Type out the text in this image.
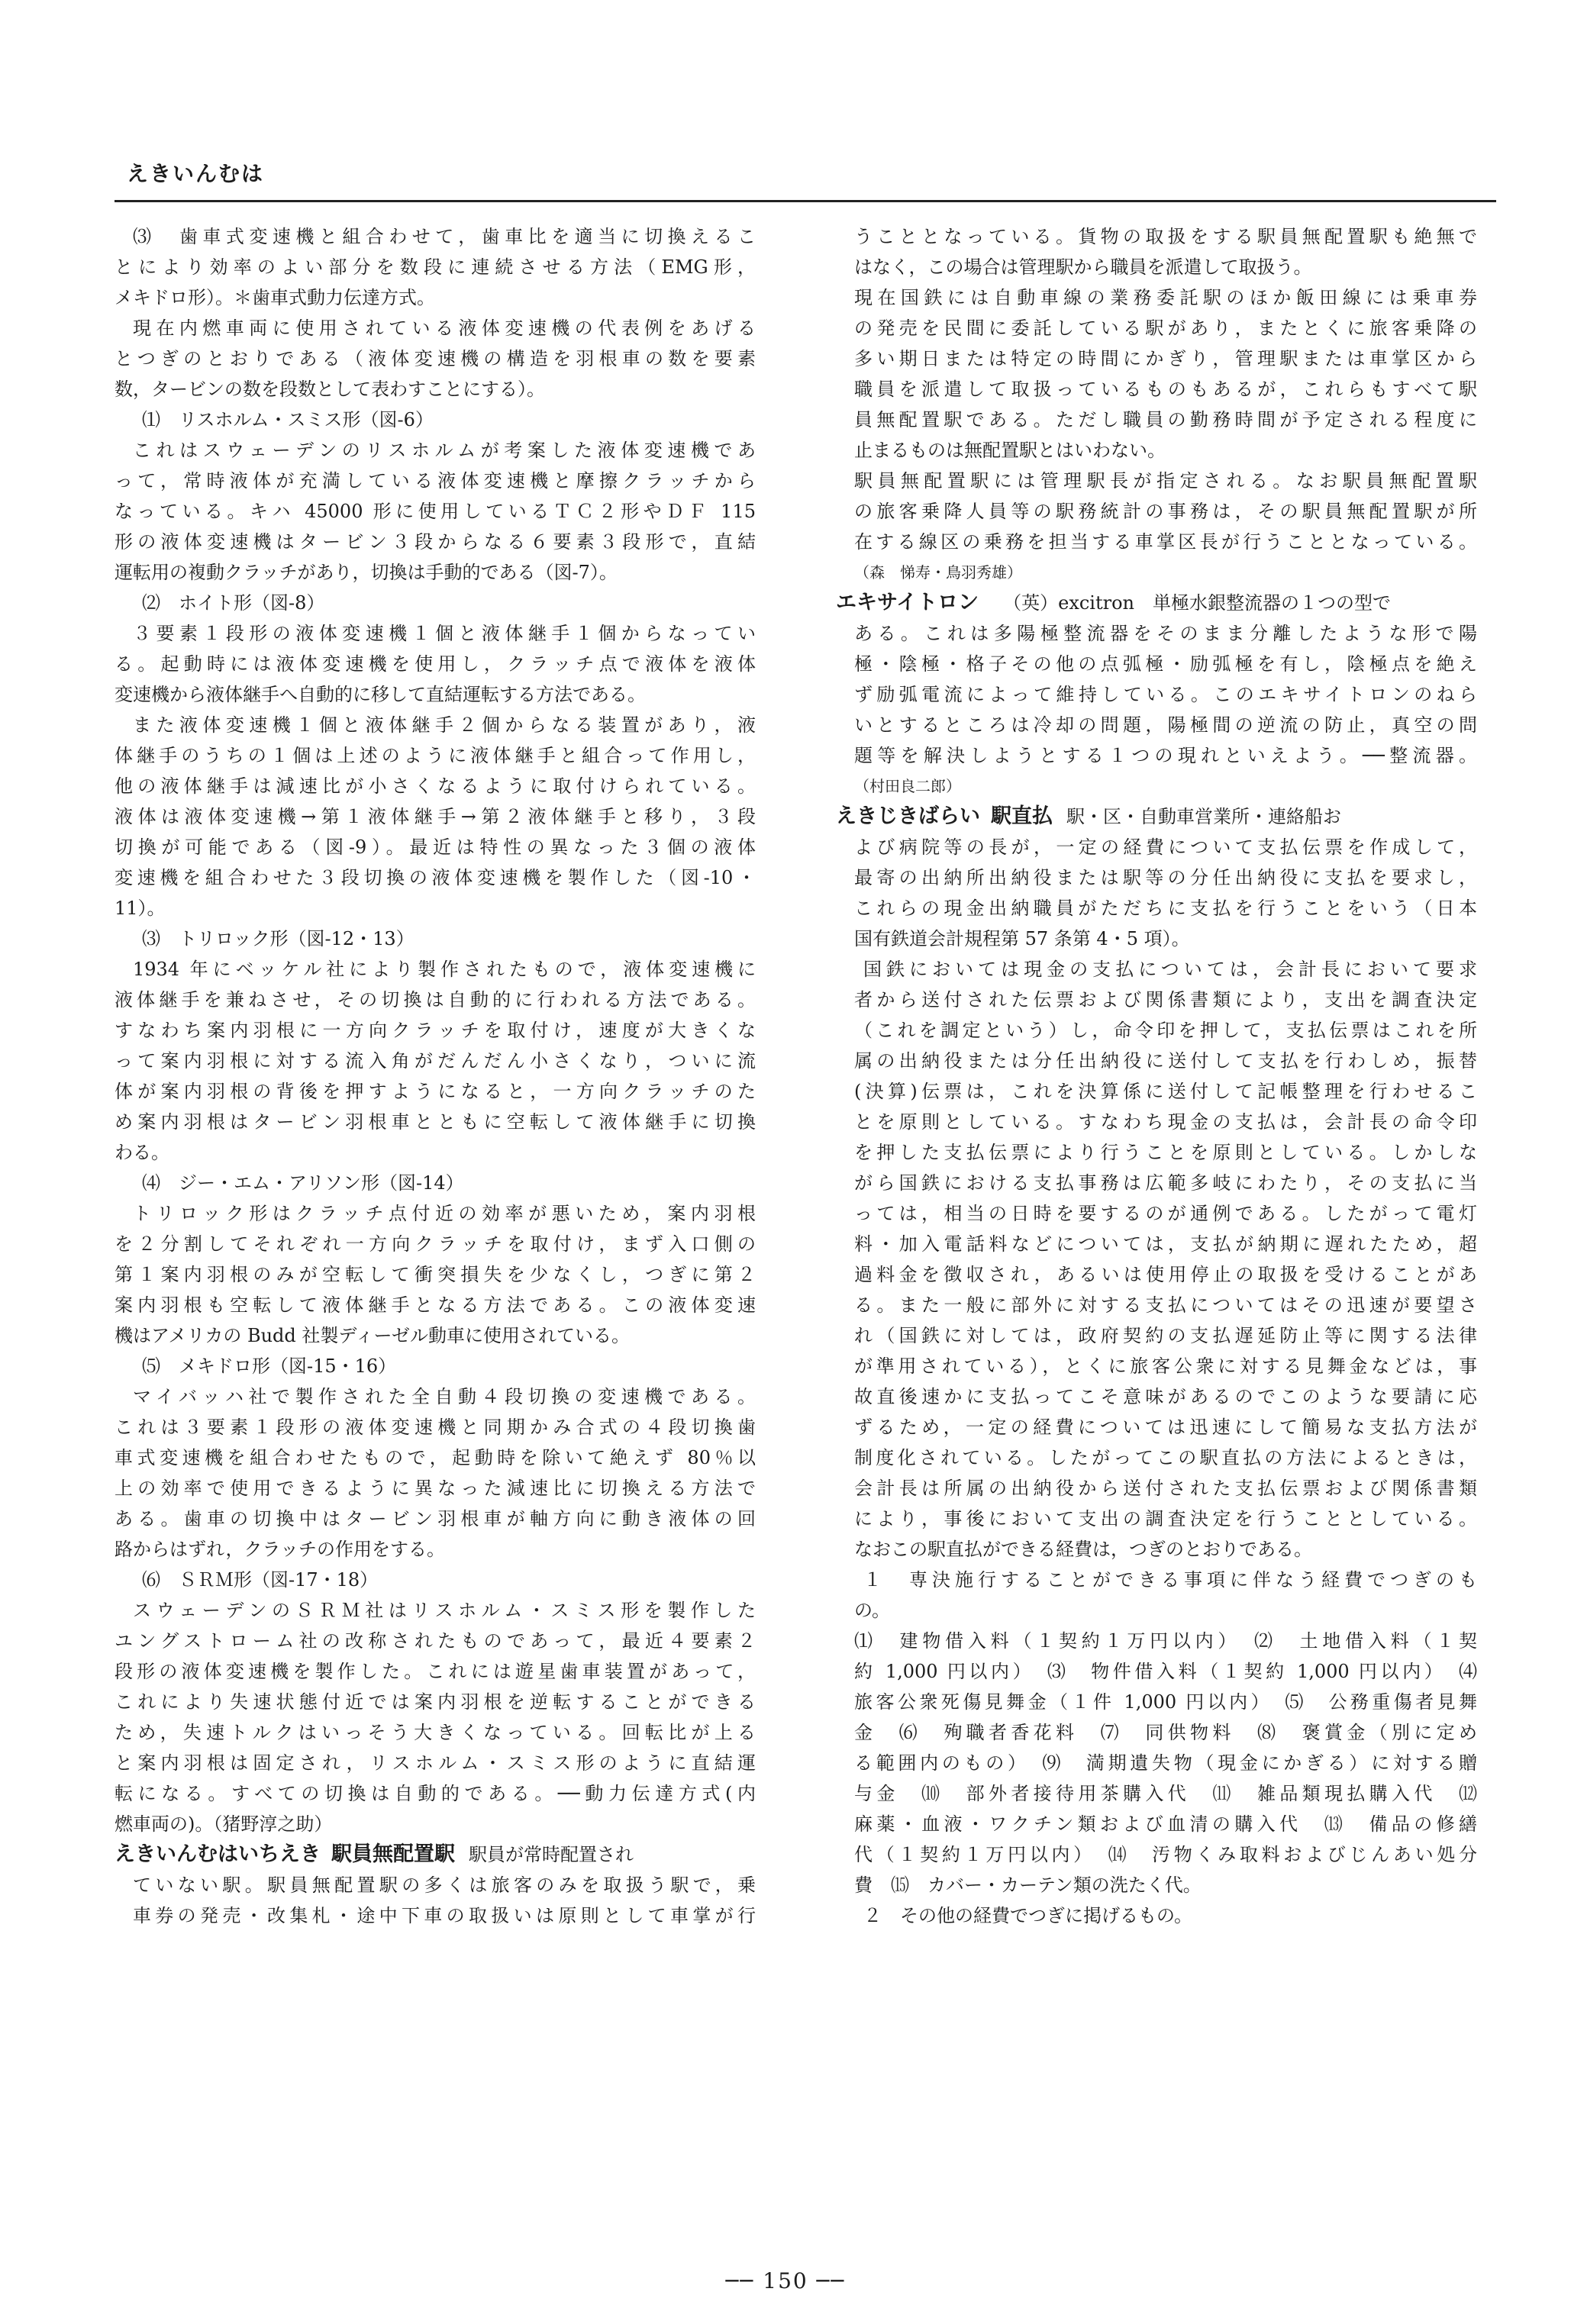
えきいんむは
⑶　歯車式変速機と組合わせて，歯車比を適当に切換えるこ
とにより効率のよい部分を数段に連続させる方法（EMG形，
メキドロ形）。＊歯車式動力伝達方式。
現在内燃車両に使用されている液体変速機の代表例をあげる
とつぎのとおりである（液体変速機の構造を羽根車の数を要素
数，タービンの数を段数として表わすことにする）。
⑴　リスホルム・スミス形（図-6）
これはスウェーデンのリスホルムが考案した液体変速機であ
って，常時液体が充満している液体変速機と摩擦クラッチから
なっている。キハ 45000 形に使用しているＴＣ２形やＤＦ 115
形の液体変速機はタービン３段からなる６要素３段形で，直結
運転用の複動クラッチがあり，切換は手動的である（図-7）。
⑵　ホイト形（図-8）
３要素１段形の液体変速機１個と液体継手１個からなってい
る。起動時には液体変速機を使用し，クラッチ点で液体を液体
変速機から液体継手へ自動的に移して直結運転する方法である。
また液体変速機１個と液体継手２個からなる装置があり，液
体継手のうちの１個は上述のように液体継手と組合って作用し，
他の液体継手は減速比が小さくなるように取付けられている。
液体は液体変速機→第１液体継手→第２液体継手と移り，３段
切換が可能である（図-9）。最近は特性の異なった３個の液体
変速機を組合わせた３段切換の液体変速機を製作した（図-10・
11）。
⑶　トリロック形（図-12・13）
1934 年にベッケル社により製作されたもので，液体変速機に
液体継手を兼ねさせ，その切換は自動的に行われる方法である。
すなわち案内羽根に一方向クラッチを取付け，速度が大きくな
って案内羽根に対する流入角がだんだん小さくなり，ついに流
体が案内羽根の背後を押すようになると，一方向クラッチのた
め案内羽根はタービン羽根車とともに空転して液体継手に切換
わる。
⑷　ジー・エム・アリソン形（図-14）
トリロック形はクラッチ点付近の効率が悪いため，案内羽根
を２分割してそれぞれ一方向クラッチを取付け，まず入口側の
第１案内羽根のみが空転して衝突損失を少なくし，つぎに第２
案内羽根も空転して液体継手となる方法である。この液体変速
機はアメリカの Budd 社製ディーゼル動車に使用されている。
⑸　メキドロ形（図-15・16）
マイバッハ社で製作された全自動４段切換の変速機である。
これは３要素１段形の液体変速機と同期かみ合式の４段切換歯
車式変速機を組合わせたもので，起動時を除いて絶えず 80％以
上の効率で使用できるように異なった減速比に切換える方法で
ある。歯車の切換中はタービン羽根車が軸方向に動き液体の回
路からはずれ，クラッチの作用をする。
⑹　ＳＲＭ形（図-17・18）
スウェーデンのＳＲＭ社はリスホルム・スミス形を製作した
ユングストローム社の改称されたものであって，最近４要素２
段形の液体変速機を製作した。これには遊星歯車装置があって，
これにより失速状態付近では案内羽根を逆転することができる
ため，失速トルクはいっそう大きくなっている。回転比が上る
と案内羽根は固定され，リスホルム・スミス形のように直結運
転になる。すべての切換は自動的である。──動力伝達方式(内
燃車両の)。（猪野淳之助）
えきいんむはいちえき 駅員無配置駅 駅員が常時配置され
ていない駅。駅員無配置駅の多くは旅客のみを取扱う駅で，乗
車券の発売・改集札・途中下車の取扱いは原則として車掌が行
うこととなっている。貨物の取扱をする駅員無配置駅も絶無で
はなく，この場合は管理駅から職員を派遣して取扱う。
現在国鉄には自動車線の業務委託駅のほか飯田線には乗車券
の発売を民間に委託している駅があり，またとくに旅客乗降の
多い期日または特定の時間にかぎり，管理駅または車掌区から
職員を派遣して取扱っているものもあるが，これらもすべて駅
員無配置駅である。ただし職員の勤務時間が予定される程度に
止まるものは無配置駅とはいわない。
駅員無配置駅には管理駅長が指定される。なお駅員無配置駅
の旅客乗降人員等の駅務統計の事務は，その駅員無配置駅が所
在する線区の乗務を担当する車掌区長が行うこととなっている。
（森　悌寿・鳥羽秀雄）
エキサイトロン （英）excitron　単極水銀整流器の１つの型で
ある。これは多陽極整流器をそのまま分離したような形で陽
極・陰極・格子その他の点弧極・励弧極を有し，陰極点を絶え
ず励弧電流によって維持している。このエキサイトロンのねら
いとするところは冷却の問題，陽極間の逆流の防止，真空の問
題等を解決しようとする１つの現れといえよう。──整流器。
（村田良二郎）
えきじきばらい 駅直払 駅・区・自動車営業所・連絡船お
よび病院等の長が，一定の経費について支払伝票を作成して，
最寄の出納所出納役または駅等の分任出納役に支払を要求し，
これらの現金出納職員がただちに支払を行うことをいう（日本
国有鉄道会計規程第 57 条第 4・5 項）。
国鉄においては現金の支払については，会計長において要求
者から送付された伝票および関係書類により，支出を調査決定
（これを調定という）し，命令印を押して，支払伝票はこれを所
属の出納役または分任出納役に送付して支払を行わしめ，振替
(決算)伝票は，これを決算係に送付して記帳整理を行わせるこ
とを原則としている。すなわち現金の支払は，会計長の命令印
を押した支払伝票により行うことを原則としている。しかしな
がら国鉄における支払事務は広範多岐にわたり，その支払に当
っては，相当の日時を要するのが通例である。したがって電灯
料・加入電話料などについては，支払が納期に遅れたため，超
過料金を徴収され，あるいは使用停止の取扱を受けることがあ
る。また一般に部外に対する支払についてはその迅速が要望さ
れ（国鉄に対しては，政府契約の支払遅延防止等に関する法律
が準用されている），とくに旅客公衆に対する見舞金などは，事
故直後速かに支払ってこそ意味があるのでこのような要請に応
ずるため，一定の経費については迅速にして簡易な支払方法が
制度化されている。したがってこの駅直払の方法によるときは，
会計長は所属の出納役から送付された支払伝票および関係書類
により，事後において支出の調査決定を行うこととしている。
なおこの駅直払ができる経費は，つぎのとおりである。
１　専決施行することができる事項に伴なう経費でつぎのも
の。
⑴　建物借入料（１契約１万円以内）　⑵　土地借入料（１契
約 1,000 円以内）　⑶　物件借入料（１契約 1,000 円以内）　⑷
旅客公衆死傷見舞金（１件 1,000 円以内）　⑸　公務重傷者見舞
金　⑹　殉職者香花料　⑺　同供物料　⑻　褒賞金（別に定め
る範囲内のもの）　⑼　満期遺失物（現金にかぎる）に対する贈
与金　⑽　部外者接待用茶購入代　⑾　雑品類現払購入代　⑿
麻薬・血液・ワクチン類および血清の購入代　⒀　備品の修繕
代（１契約１万円以内）　⒁　汚物くみ取料およびじんあい処分
費　⒂　カバー・カーテン類の洗たく代。
２　その他の経費でつぎに掲げるもの。
── 150 ──
